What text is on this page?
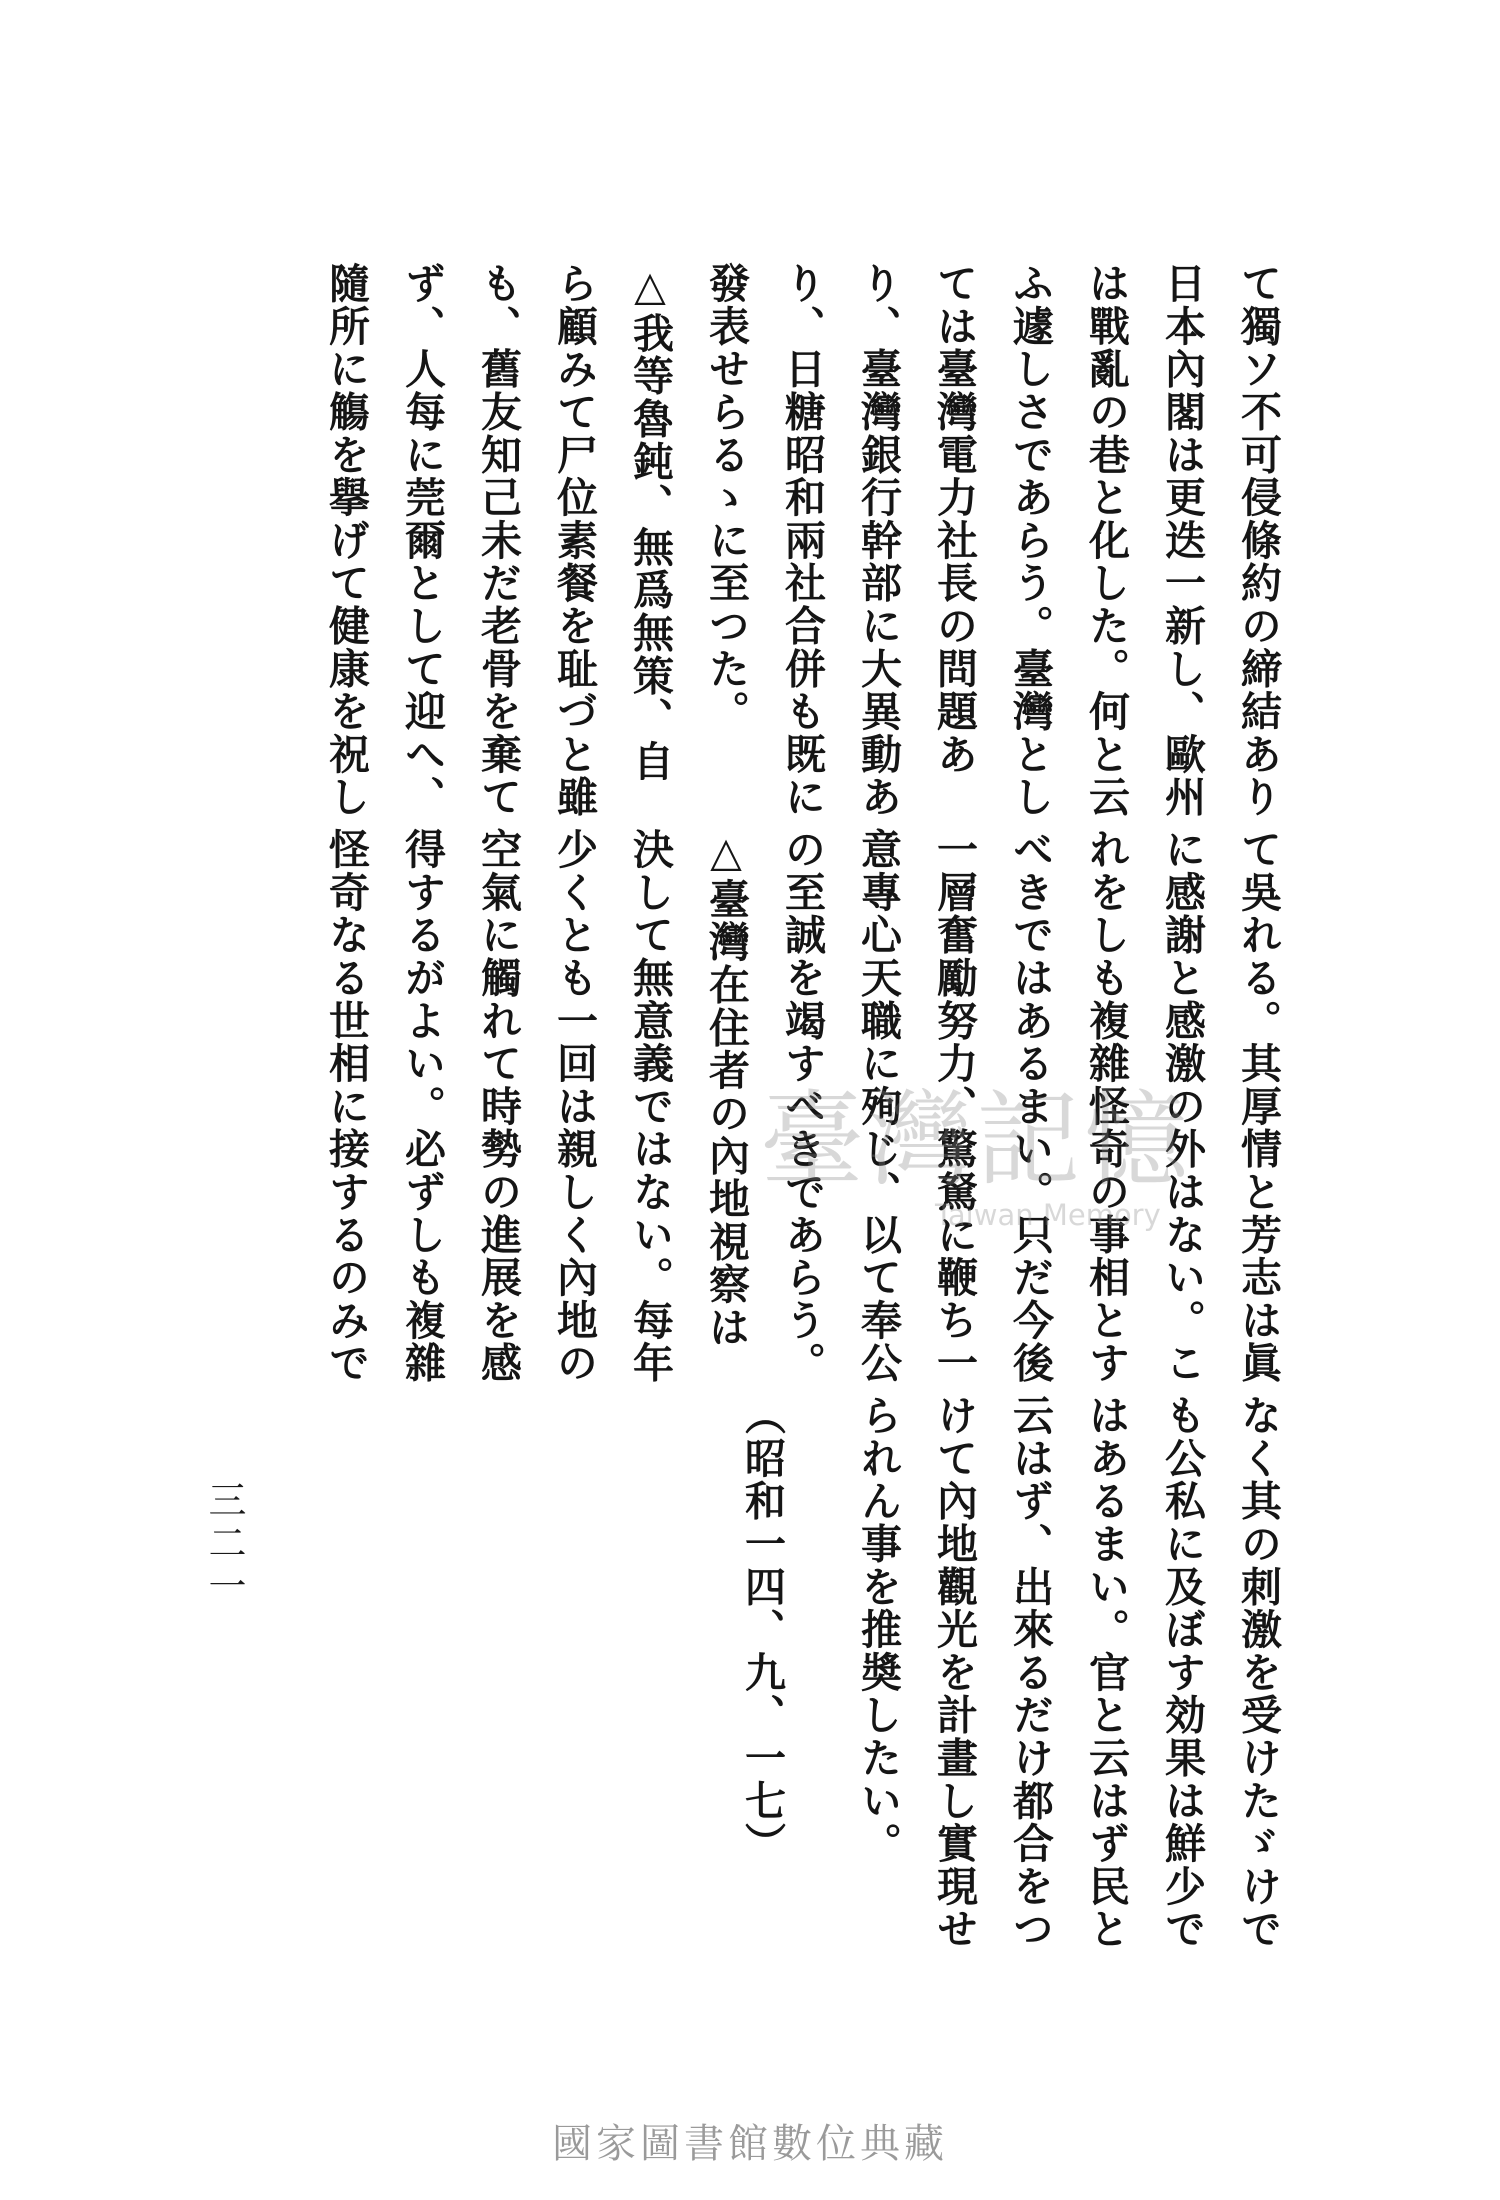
て獨ソ不可侵條約の締結あり
日本內閣は更迭一新し、歐州
は戰亂の巷と化した。何と云
ふ遽しさであらう。臺灣とし
ては臺灣電力社長の問題あ
り、臺灣銀行幹部に大異動あ
り、日糖昭和兩社合併も既に
發表せらるゝに至つた。
△我等魯鈍、無爲無策、自
ら顧みて尸位素餐を耻づと雖
も、舊友知己未だ老骨を棄て
ず、人每に莞爾として迎へ、
隨所に觴を擧げて健康を祝し
て吳れる。其厚情と芳志は眞
に感謝と感激の外はない。こ
れをしも複雜怪奇の事相とす
べきではあるまい。只だ今後
一層奮勵努力、驚駑に鞭ち一
意專心天職に殉じ、以て奉公
の至誠を竭すべきであらう。
△臺灣在住者の內地視察は
決して無意義ではない。每年
少くとも一回は親しく內地の
空氣に觸れて時勢の進展を感
得するがよい。必ずしも複雜
怪奇なる世相に接するのみで
なく其の刺激を受けたゞけで
も公私に及ぼす効果は鮮少で
はあるまい。官と云はず民と
云はず、出來るだけ都合をつ
けて內地觀光を計畫し實現せ
られん事を推奬したい。
（昭和一四、九、一七）
三二一
臺灣記憶
Taiwan Memory
國家圖書館數位典藏
